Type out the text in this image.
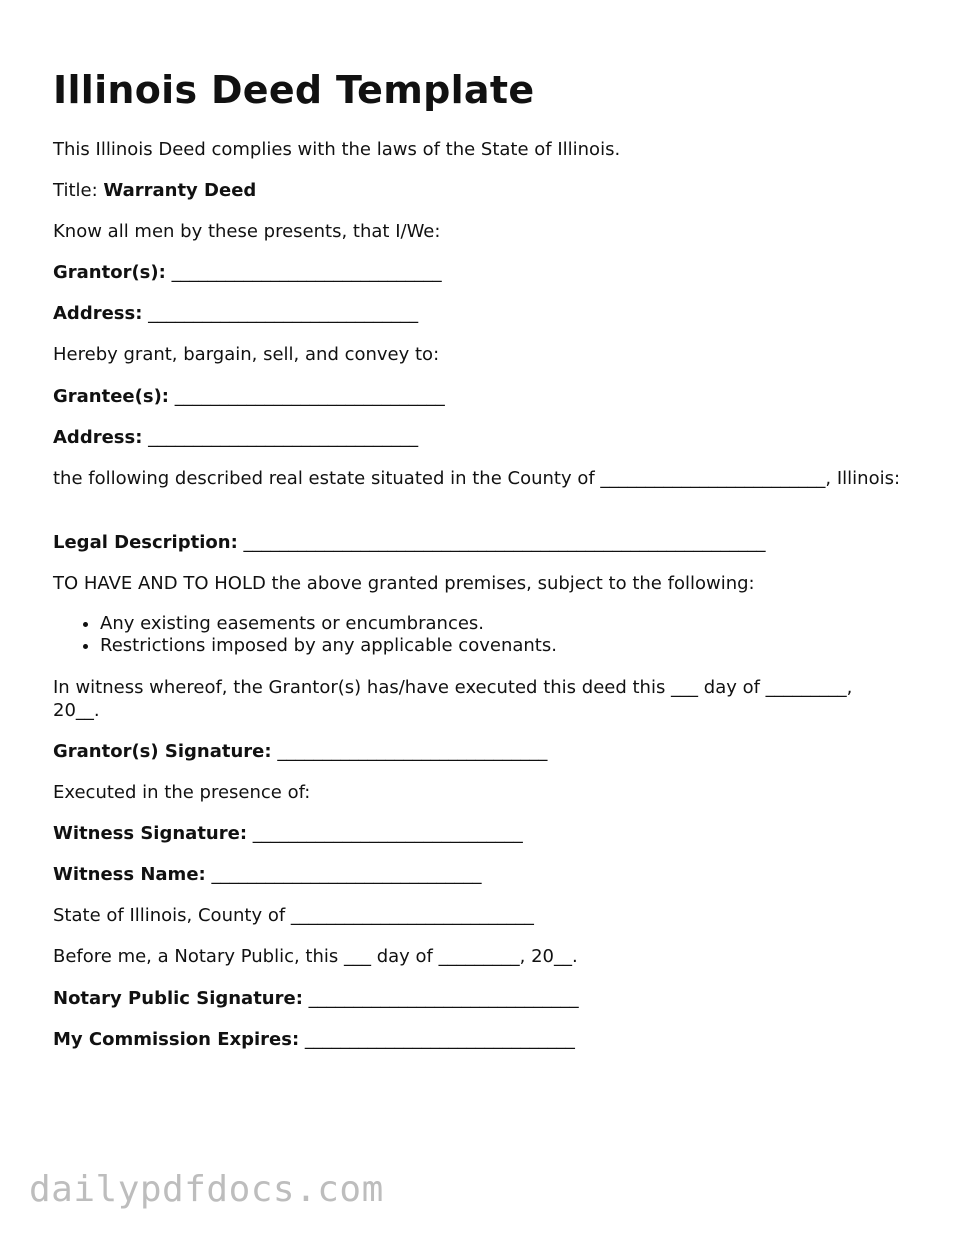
Illinois Deed Template
This Illinois Deed complies with the laws of the State of Illinois.
Title: Warranty Deed
Know all men by these presents, that I/We:
Grantor(s): ______________________________
Address: ______________________________
Hereby grant, bargain, sell, and convey to:
Grantee(s): ______________________________
Address: ______________________________
the following described real estate situated in the County of _________________________, Illinois:
Legal Description: __________________________________________________________
TO HAVE AND TO HOLD the above granted premises, subject to the following:
• Any existing easements or encumbrances.
• Restrictions imposed by any applicable covenants.
In witness whereof, the Grantor(s) has/have executed this deed this ___ day of _________, 20__.
Grantor(s) Signature: ______________________________
Executed in the presence of:
Witness Signature: ______________________________
Witness Name: ______________________________
State of Illinois, County of ___________________________
Before me, a Notary Public, this ___ day of _________, 20__.
Notary Public Signature: ______________________________
My Commission Expires: ______________________________
dailypdfdocs.com
